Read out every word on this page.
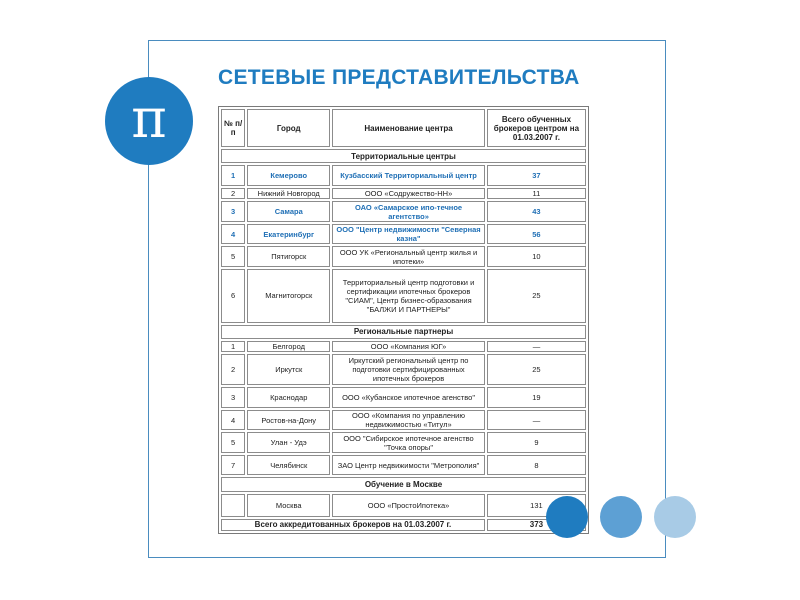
π
СЕТЕВЫЕ ПРЕДСТАВИТЕЛЬСТВА
№ п/п	Город	Наименование центра	Всего обученных брокеров центром на 01.03.2007 г.
Территориальные центры			
1	Кемерово	Кузбасский Территориальный центр	37
2	Нижний Новгород	ООО «Содружество-НН»	11
3	Самара	ОАО «Самарское ипо-течное агентство»	43
4	Екатеринбург	ООО "Центр недвижимости "Северная казна"	56
5	Пятигорск	ООО УК «Региональный центр жилья и ипотеки»	10
6	Магнитогорск	Территориальный центр подготовки и сертификации ипотечных брокеров "СИАМ", Центр бизнес-образования "БАЛЖИ И ПАРТНЕРЫ"	25
Региональные партнеры			
1	Белгород	ООО «Компания ЮГ»	—
2	Иркутск	Иркутский региональный центр по подготовки сертифицированных ипотечных брокеров	25
3	Краснодар	ООО «Кубанское ипотечное агенство"	19
4	Ростов-на-Дону	ООО «Компания по управлению недвижимостью «Титул»	—
5	Улан - Удэ	ООО "Сибирское ипотечное агенство "Точка опоры"	9
7	Челябинск	ЗАО Центр недвижимости "Метрополия"	8
Обучение в Москве			
	Москва	ООО «ПростоИпотека»	131
Всего аккредитованных брокеров на 01.03.2007 г.			373
